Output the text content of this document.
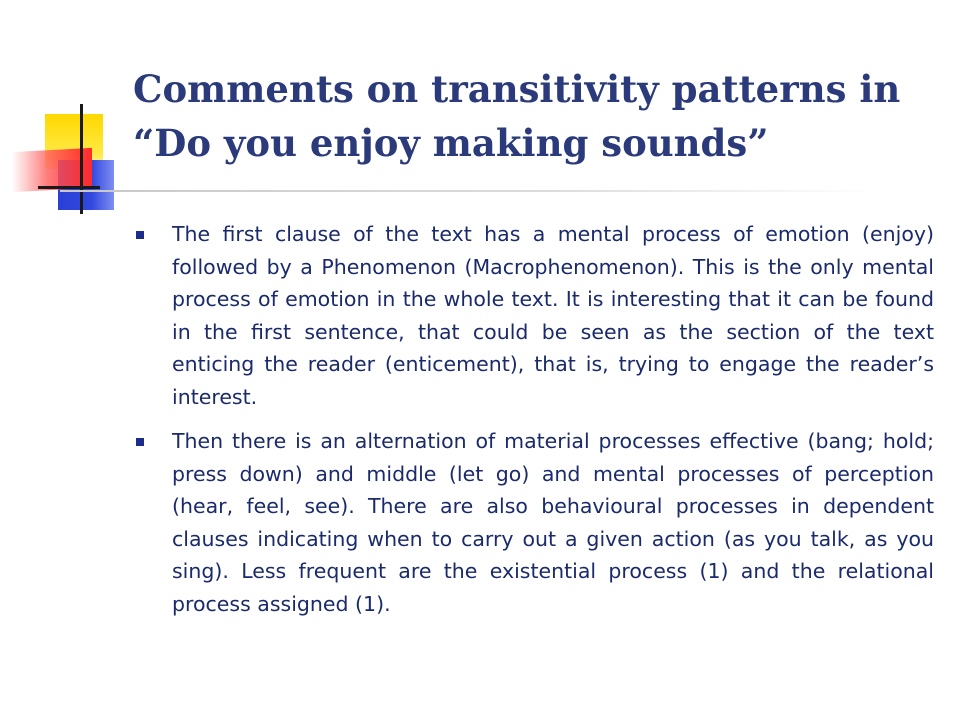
Comments on transitivity patterns in
“Do you enjoy making sounds”
The first clause of the text has a mental process of emotion (enjoy) followed by a Phenomenon (Macrophenomenon). This is the only mental process of emotion in the whole text. It is interesting that it can be found in the first sentence, that could be seen as the section of the text enticing the reader (enticement), that is, trying to engage the reader’s interest.
Then there is an alternation of material processes effective (bang; hold; press down) and middle (let go) and mental processes of perception (hear, feel, see). There are also behavioural processes in dependent clauses indicating when to carry out a given action (as you talk, as you sing). Less frequent are the existential process (1) and the relational process assigned (1).
